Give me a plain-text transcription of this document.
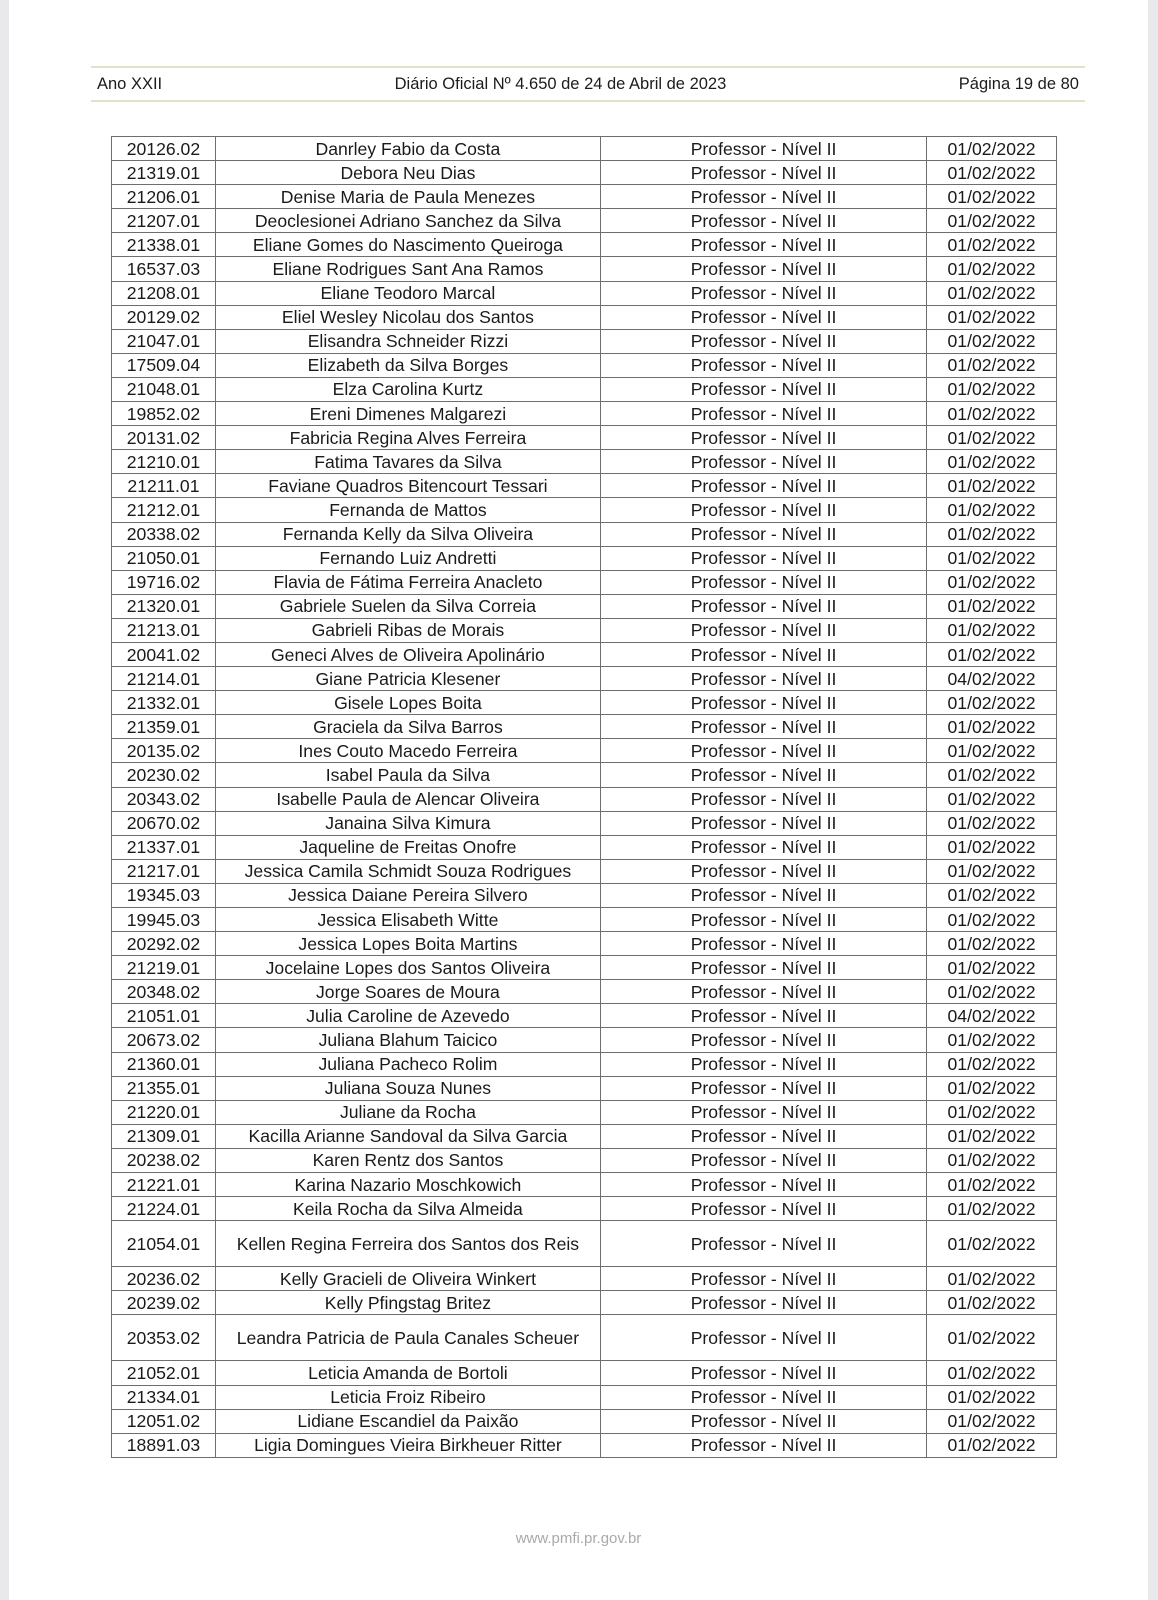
Ano XXII	Diário Oficial Nº 4.650 de 24 de Abril de 2023	Página 19 de 80
20126.02	Danrley Fabio da Costa	Professor - Nível II	01/02/2022
21319.01	Debora Neu Dias	Professor - Nível II	01/02/2022
21206.01	Denise Maria de Paula Menezes	Professor - Nível II	01/02/2022
21207.01	Deoclesionei Adriano Sanchez da Silva	Professor - Nível II	01/02/2022
21338.01	Eliane Gomes do Nascimento Queiroga	Professor - Nível II	01/02/2022
16537.03	Eliane Rodrigues Sant Ana Ramos	Professor - Nível II	01/02/2022
21208.01	Eliane Teodoro Marcal	Professor - Nível II	01/02/2022
20129.02	Eliel Wesley Nicolau dos Santos	Professor - Nível II	01/02/2022
21047.01	Elisandra Schneider Rizzi	Professor - Nível II	01/02/2022
17509.04	Elizabeth da Silva Borges	Professor - Nível II	01/02/2022
21048.01	Elza Carolina Kurtz	Professor - Nível II	01/02/2022
19852.02	Ereni Dimenes Malgarezi	Professor - Nível II	01/02/2022
20131.02	Fabricia Regina Alves Ferreira	Professor - Nível II	01/02/2022
21210.01	Fatima Tavares da Silva	Professor - Nível II	01/02/2022
21211.01	Faviane Quadros Bitencourt Tessari	Professor - Nível II	01/02/2022
21212.01	Fernanda de Mattos	Professor - Nível II	01/02/2022
20338.02	Fernanda Kelly da Silva Oliveira	Professor - Nível II	01/02/2022
21050.01	Fernando Luiz Andretti	Professor - Nível II	01/02/2022
19716.02	Flavia de Fátima Ferreira Anacleto	Professor - Nível II	01/02/2022
21320.01	Gabriele Suelen da Silva Correia	Professor - Nível II	01/02/2022
21213.01	Gabrieli Ribas de Morais	Professor - Nível II	01/02/2022
20041.02	Geneci Alves de Oliveira Apolinário	Professor - Nível II	01/02/2022
21214.01	Giane Patricia Klesener	Professor - Nível II	04/02/2022
21332.01	Gisele Lopes Boita	Professor - Nível II	01/02/2022
21359.01	Graciela da Silva Barros	Professor - Nível II	01/02/2022
20135.02	Ines Couto Macedo Ferreira	Professor - Nível II	01/02/2022
20230.02	Isabel Paula da Silva	Professor - Nível II	01/02/2022
20343.02	Isabelle Paula de Alencar Oliveira	Professor - Nível II	01/02/2022
20670.02	Janaina Silva Kimura	Professor - Nível II	01/02/2022
21337.01	Jaqueline de Freitas Onofre	Professor - Nível II	01/02/2022
21217.01	Jessica Camila Schmidt Souza Rodrigues	Professor - Nível II	01/02/2022
19345.03	Jessica Daiane Pereira Silvero	Professor - Nível II	01/02/2022
19945.03	Jessica Elisabeth Witte	Professor - Nível II	01/02/2022
20292.02	Jessica Lopes Boita Martins	Professor - Nível II	01/02/2022
21219.01	Jocelaine Lopes dos Santos Oliveira	Professor - Nível II	01/02/2022
20348.02	Jorge Soares de Moura	Professor - Nível II	01/02/2022
21051.01	Julia Caroline de Azevedo	Professor - Nível II	04/02/2022
20673.02	Juliana Blahum Taicico	Professor - Nível II	01/02/2022
21360.01	Juliana Pacheco Rolim	Professor - Nível II	01/02/2022
21355.01	Juliana Souza Nunes	Professor - Nível II	01/02/2022
21220.01	Juliane da Rocha	Professor - Nível II	01/02/2022
21309.01	Kacilla Arianne Sandoval da Silva Garcia	Professor - Nível II	01/02/2022
20238.02	Karen Rentz dos Santos	Professor - Nível II	01/02/2022
21221.01	Karina Nazario Moschkowich	Professor - Nível II	01/02/2022
21224.01	Keila Rocha da Silva Almeida	Professor - Nível II	01/02/2022
21054.01	Kellen Regina Ferreira dos Santos dos Reis	Professor - Nível II	01/02/2022
20236.02	Kelly Gracieli de Oliveira Winkert	Professor - Nível II	01/02/2022
20239.02	Kelly Pfingstag Britez	Professor - Nível II	01/02/2022
20353.02	Leandra Patricia de Paula Canales Scheuer	Professor - Nível II	01/02/2022
21052.01	Leticia Amanda de Bortoli	Professor - Nível II	01/02/2022
21334.01	Leticia Froiz Ribeiro	Professor - Nível II	01/02/2022
12051.02	Lidiane Escandiel da Paixão	Professor - Nível II	01/02/2022
18891.03	Ligia Domingues Vieira Birkheuer Ritter	Professor - Nível II	01/02/2022
www.pmfi.pr.gov.br
